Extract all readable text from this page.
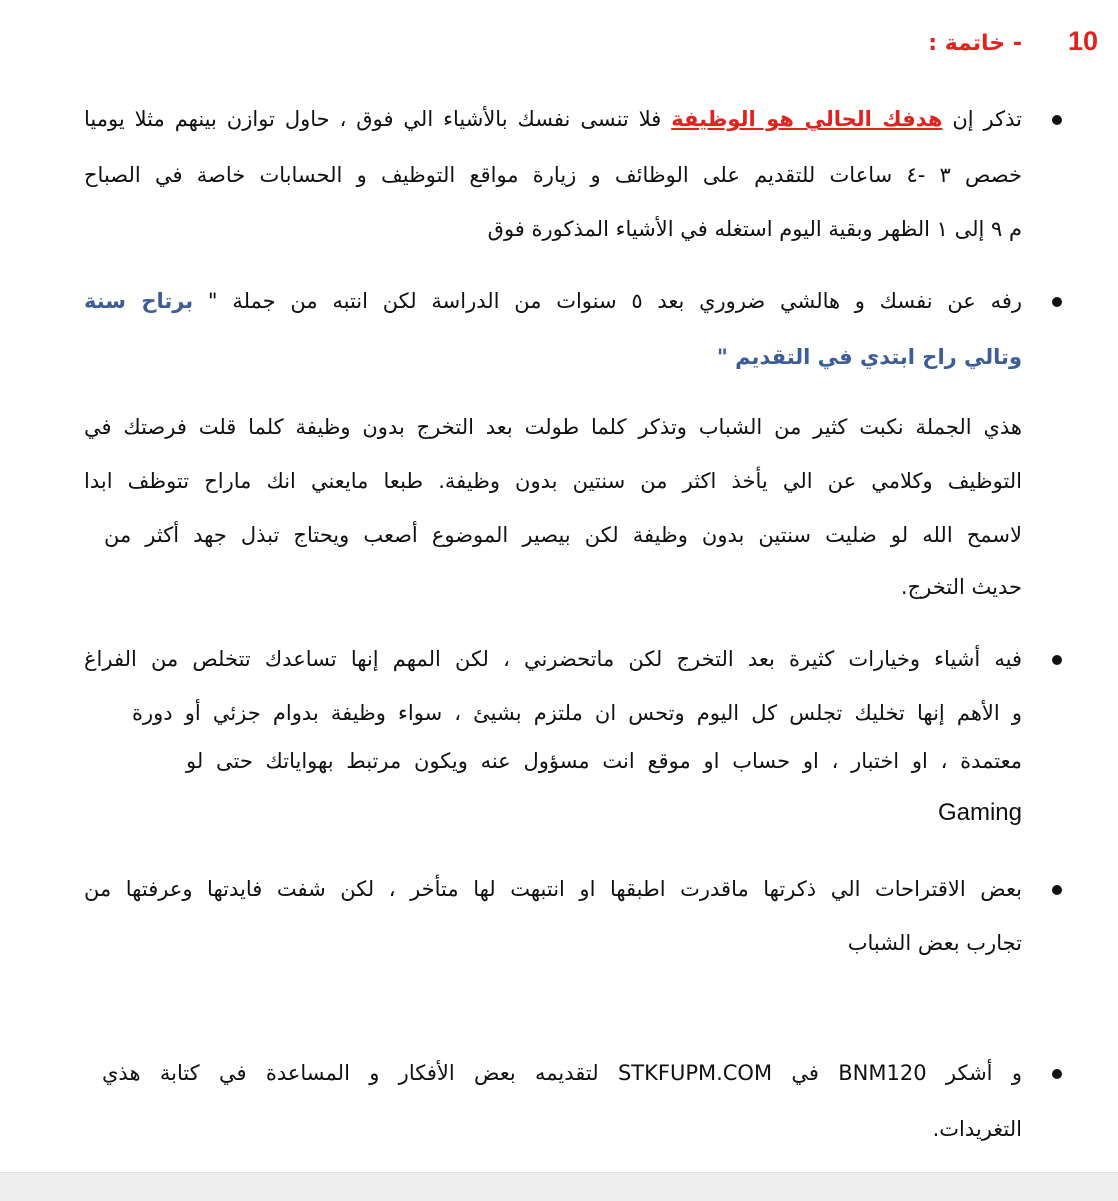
10
- خاتمة :
تذكر إن هدفك الحالي هو الوظيفة فلا تنسى نفسك بالأشياء الي فوق ، حاول توازن بينهم مثلا يوميا
خصص ٣ -٤ ساعات للتقديم على الوظائف و زيارة مواقع التوظيف و الحسابات خاصة في الصباح
م ٩ إلى ١ الظهر وبقية اليوم استغله في الأشياء المذكورة فوق
رفه عن نفسك و هالشي ضروري بعد ٥ سنوات من الدراسة لكن انتبه من جملة " برتاح سنة
وتالي راح ابتدي في التقديم "
هذي الجملة نكبت كثير من الشباب وتذكر كلما طولت بعد التخرج بدون وظيفة كلما قلت فرصتك في
التوظيف وكلامي عن الي يأخذ اكثر من سنتين بدون وظيفة. طبعا مايعني انك ماراح تتوظف ابدا
لاسمح الله لو ضليت سنتين بدون وظيفة لكن بيصير الموضوع أصعب ويحتاج تبذل جهد أكثر من
حديث التخرج.
فيه أشياء وخيارات كثيرة بعد التخرج لكن ماتحضرني ، لكن المهم إنها تساعدك تتخلص من الفراغ
و الأهم إنها تخليك تجلس كل اليوم وتحس ان ملتزم بشيئ ، سواء وظيفة بدوام جزئي أو دورة
معتمدة ، او اختبار ، او حساب او موقع انت مسؤول عنه ويكون مرتبط بهواياتك حتى لو
Gaming
بعض الاقتراحات الي ذكرتها ماقدرت اطبقها او انتبهت لها متأخر ، لكن شفت فايدتها وعرفتها من
تجارب بعض الشباب
و أشكر BNM120 في STKFUPM.COM لتقديمه بعض الأفكار و المساعدة في كتابة هذي
التغريدات.
